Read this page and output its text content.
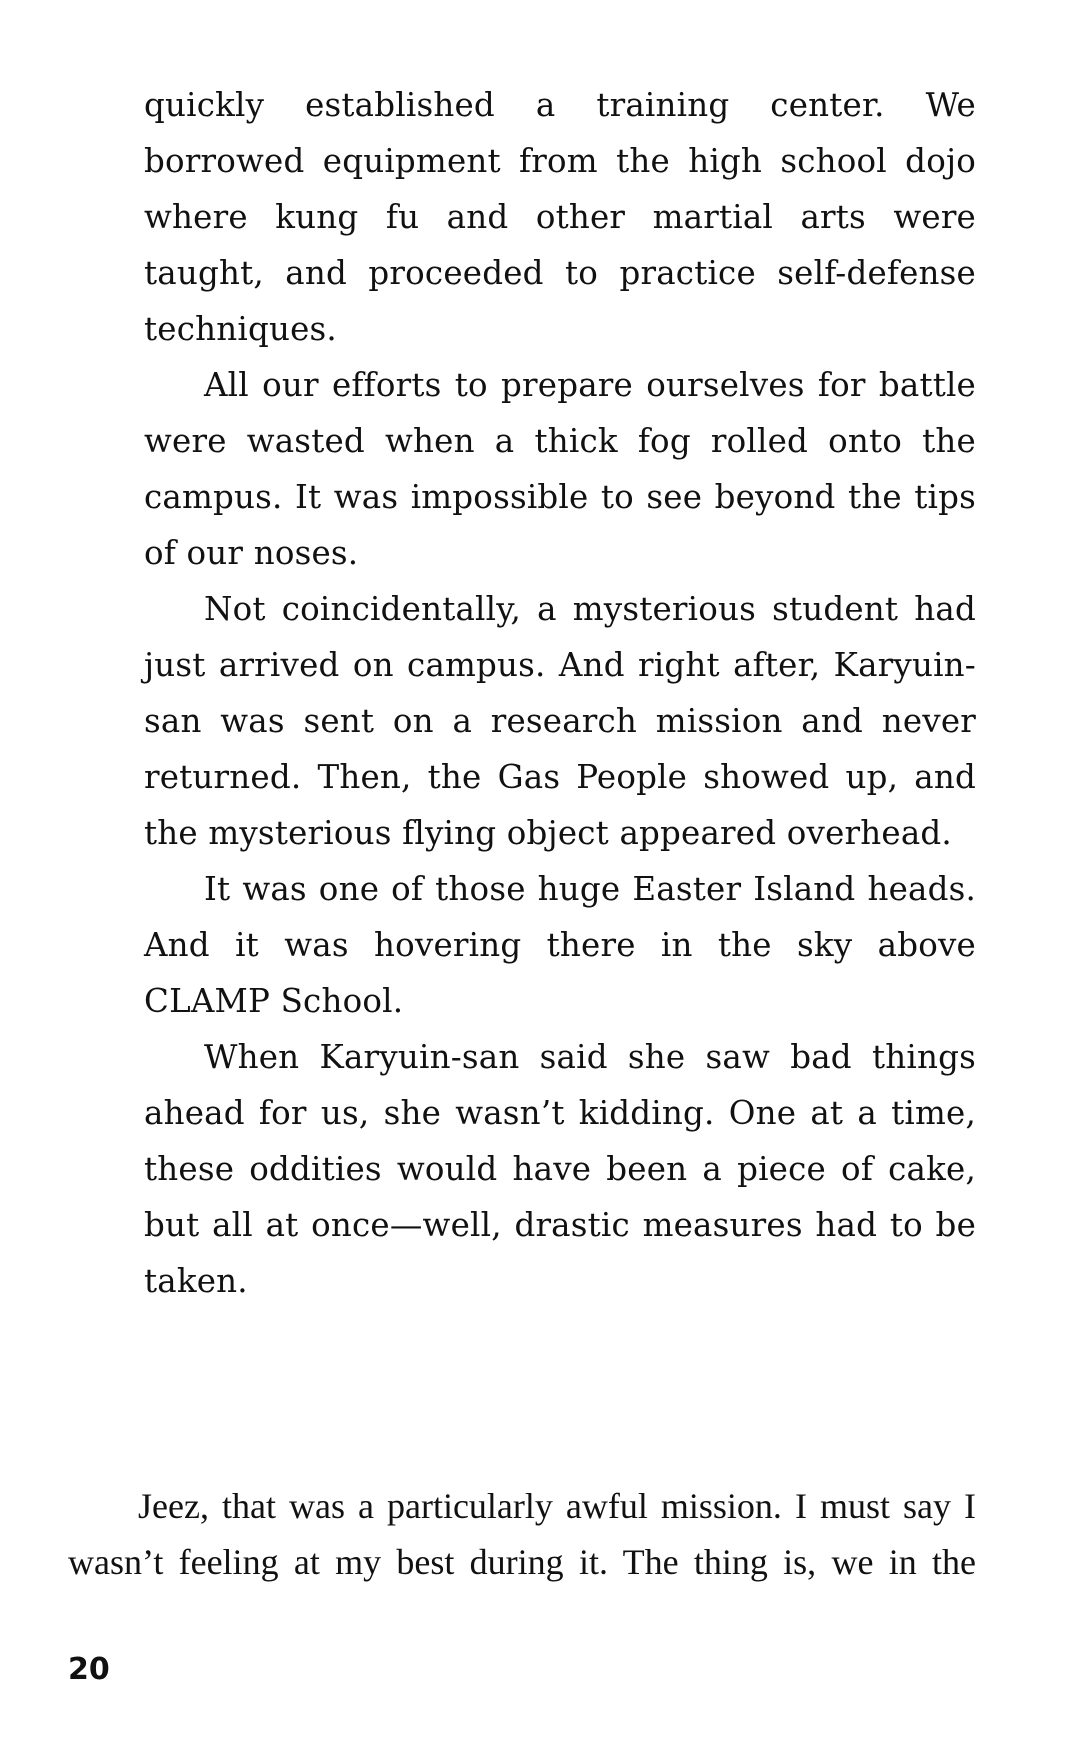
quickly established a training center. We borrowed equipment from the high school dojo where kung fu and other martial arts were taught, and proceeded to practice self-defense techniques.

All our efforts to prepare ourselves for battle were wasted when a thick fog rolled onto the campus. It was impossible to see beyond the tips of our noses.

Not coincidentally, a mysterious student had just arrived on campus. And right after, Karyuin-san was sent on a research mission and never returned. Then, the Gas People showed up, and the mysterious flying object appeared overhead.

It was one of those huge Easter Island heads. And it was hovering there in the sky above CLAMP School.

When Karyuin-san said she saw bad things ahead for us, she wasn’t kidding. One at a time, these oddities would have been a piece of cake, but all at once—well, drastic measures had to be taken.

Jeez, that was a particularly awful mission. I must say I wasn’t feeling at my best during it. The thing is, we in the

20
